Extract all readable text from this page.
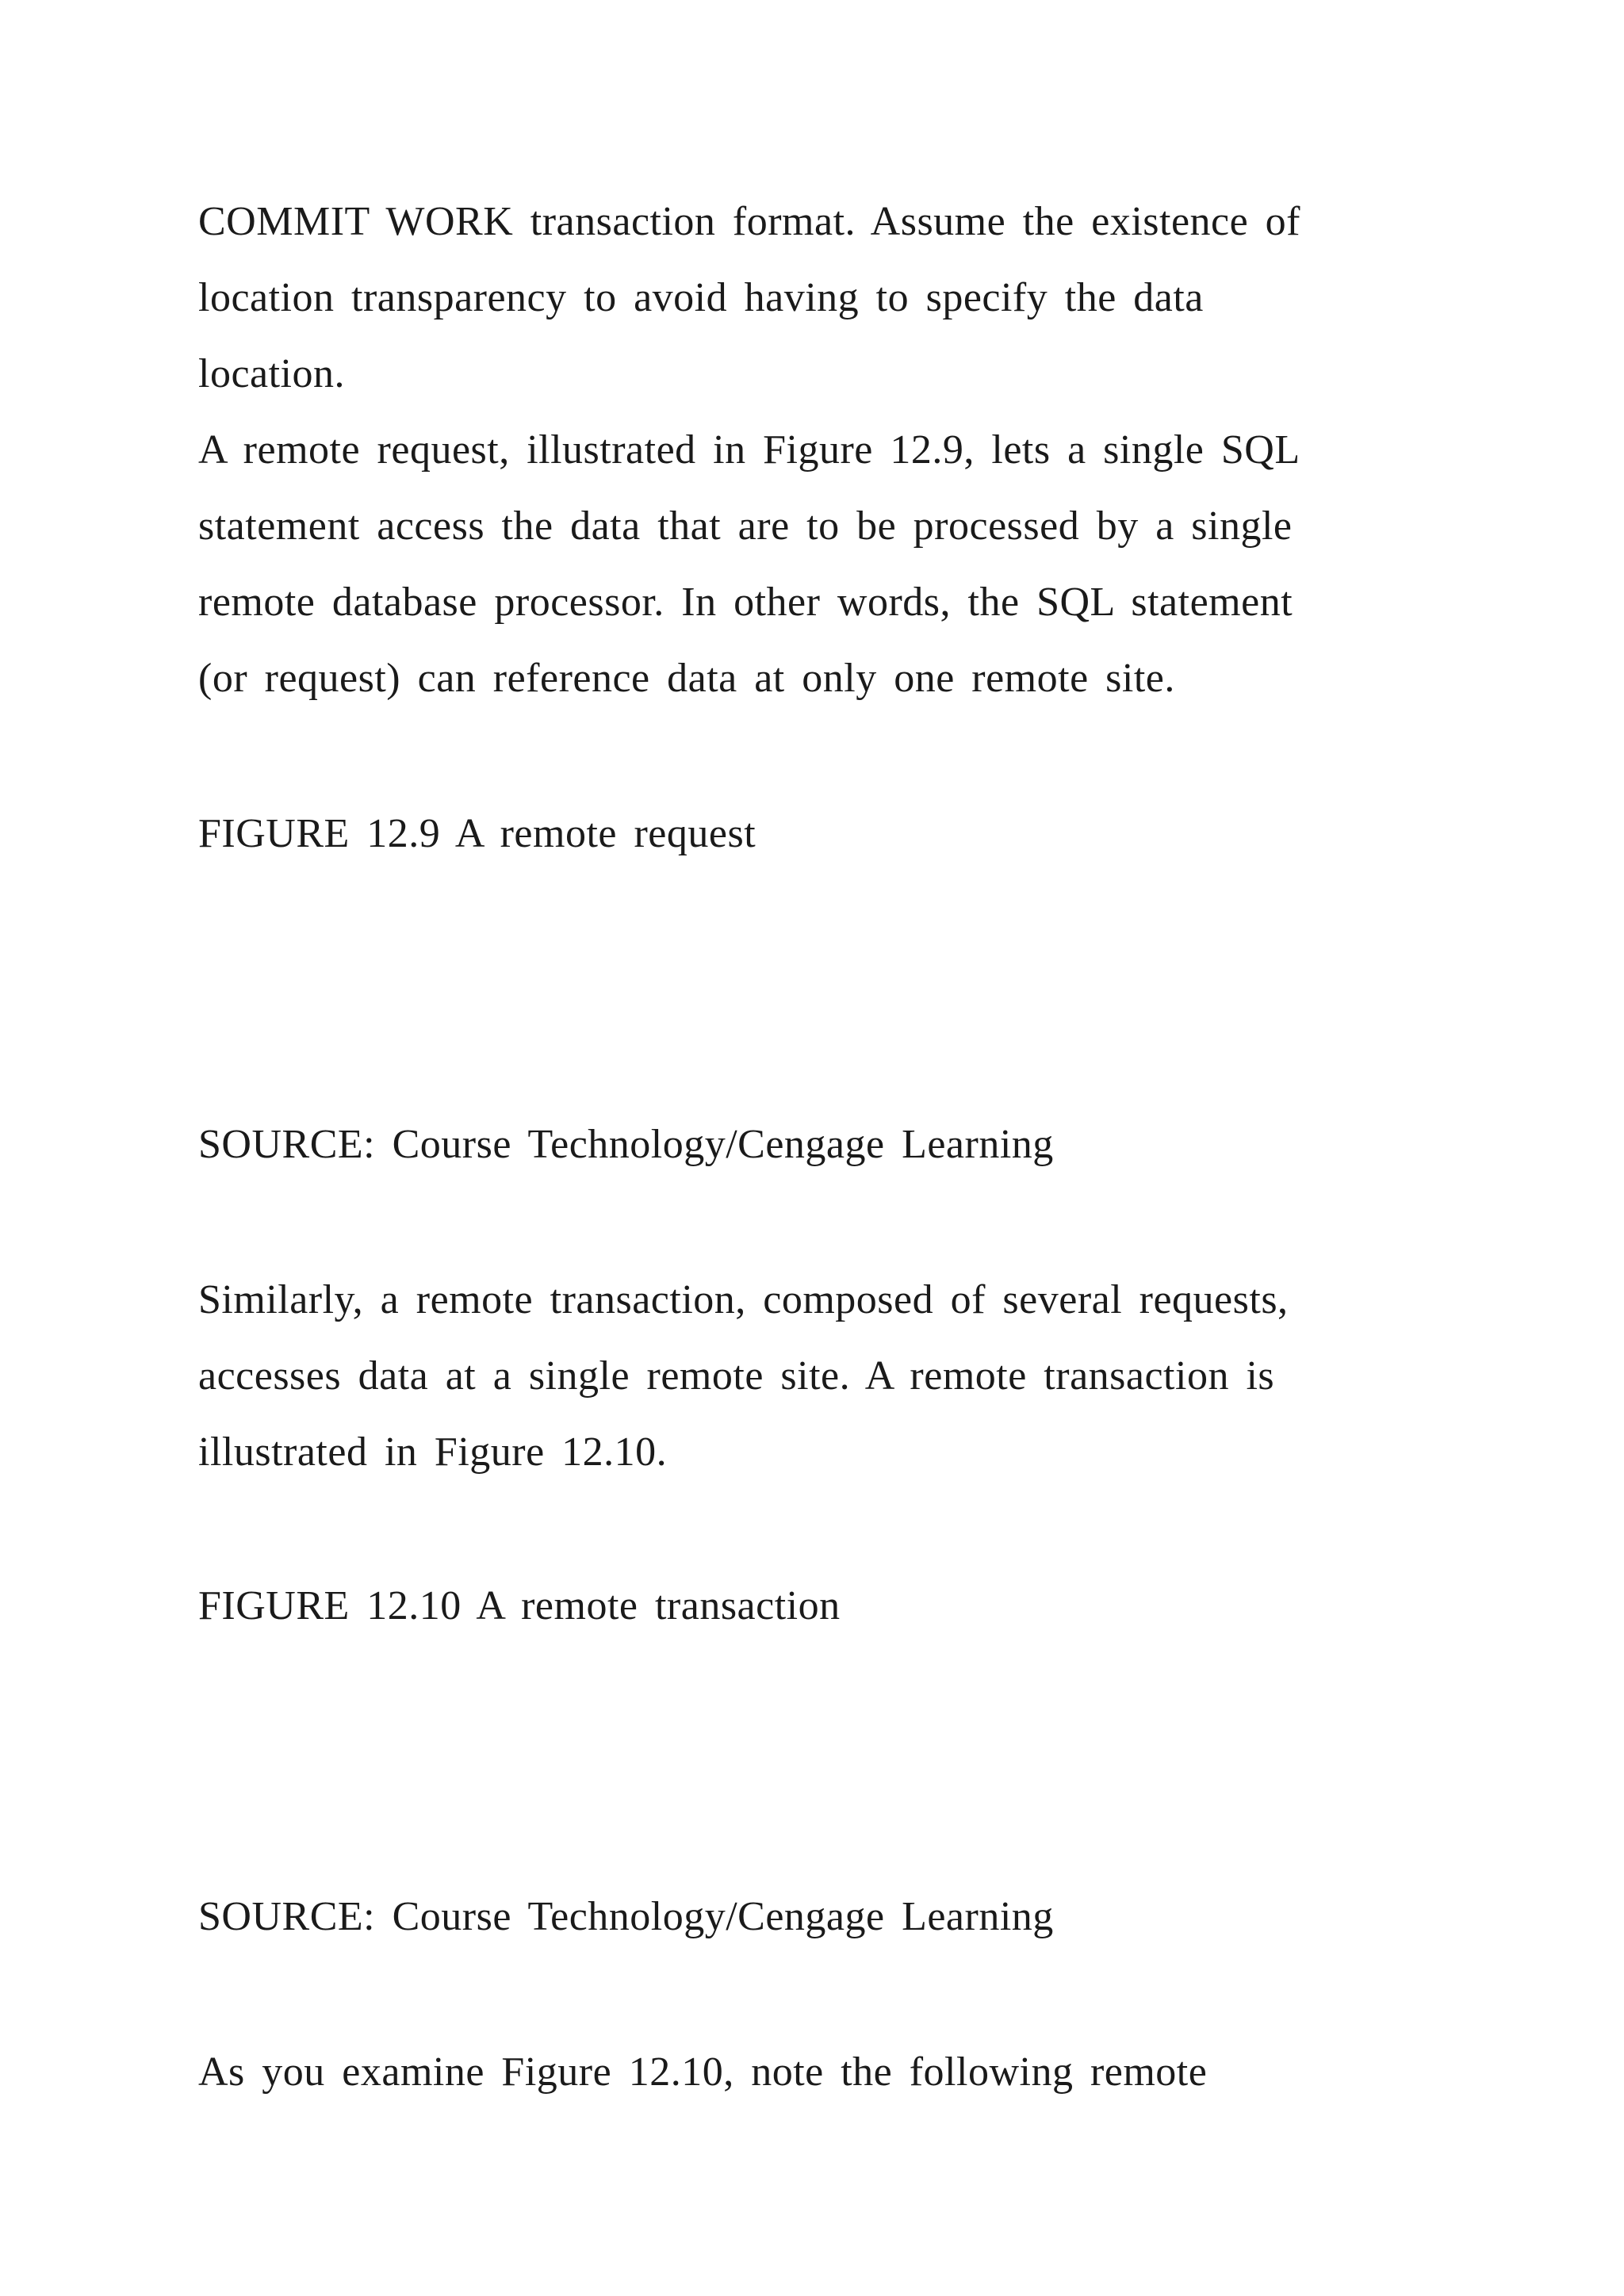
COMMIT WORK transaction format. Assume the existence of

location transparency to avoid having to specify the data

location.

A remote request, illustrated in Figure 12.9, lets a single SQL

statement access the data that are to be processed by a single

remote database processor. In other words, the SQL statement

(or request) can reference data at only one remote site.

FIGURE 12.9 A remote request

SOURCE: Course Technology/Cengage Learning

Similarly, a remote transaction, composed of several requests,

accesses data at a single remote site. A remote transaction is

illustrated in Figure 12.10.

FIGURE 12.10 A remote transaction

SOURCE: Course Technology/Cengage Learning

As you examine Figure 12.10, note the following remote
